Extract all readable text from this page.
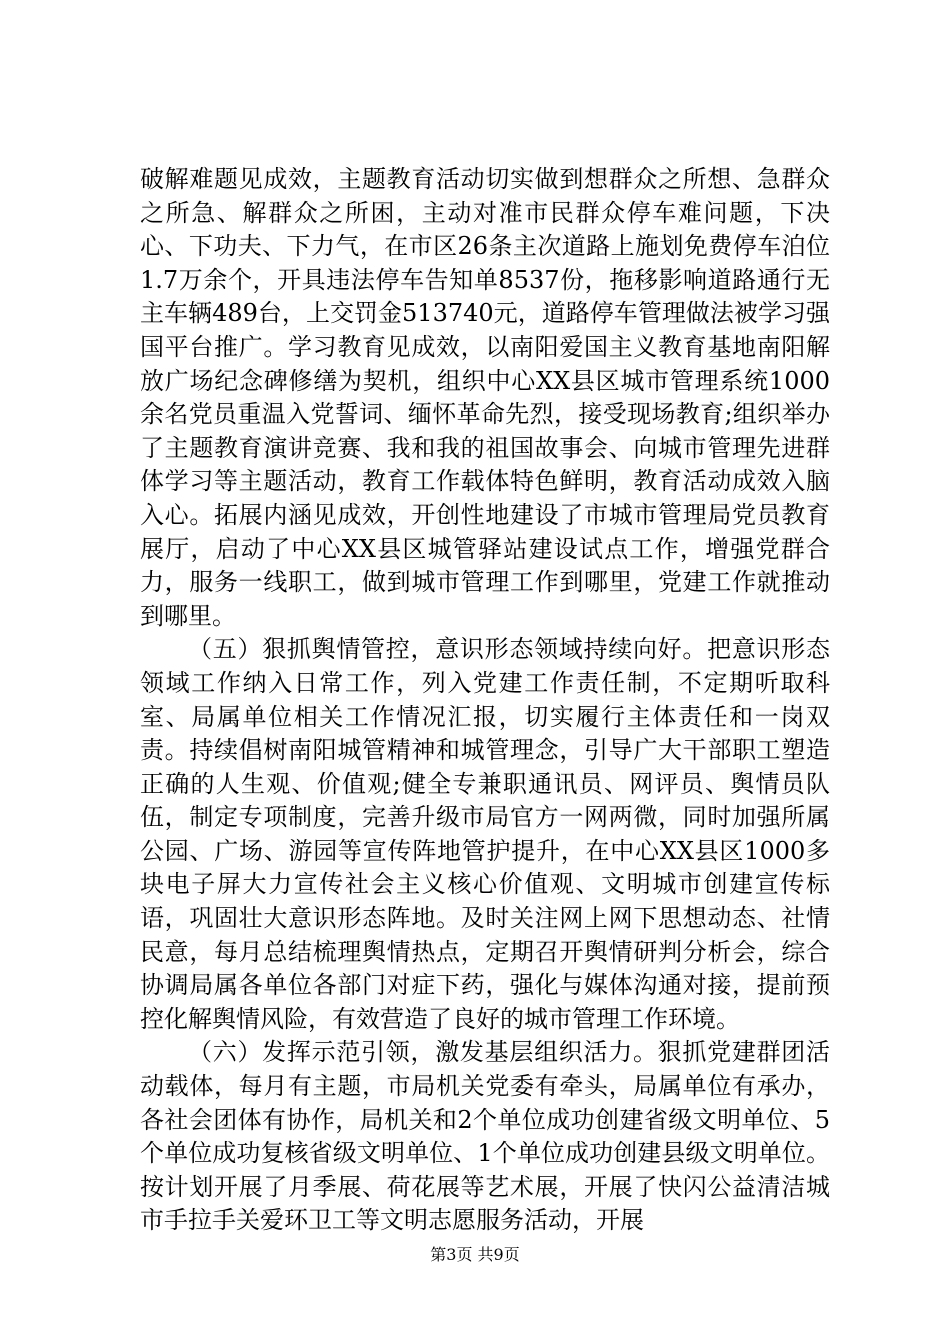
破解难题见成效，主题教育活动切实做到想群众之所想、急群众之所急、解群众之所困，主动对准市民群众停车难问题，下决心、下功夫、下力气，在市区26条主次道路上施划免费停车泊位1.7万余个，开具违法停车告知单8537份，拖移影响道路通行无主车辆489台，上交罚金513740元，道路停车管理做法被学习强国平台推广。学习教育见成效，以南阳爱国主义教育基地南阳解放广场纪念碑修缮为契机，组织中心XX县区城市管理系统1000余名党员重温入党誓词、缅怀革命先烈，接受现场教育;组织举办了主题教育演讲竞赛、我和我的祖国故事会、向城市管理先进群体学习等主题活动，教育工作载体特色鲜明，教育活动成效入脑入心。拓展内涵见成效，开创性地建设了市城市管理局党员教育展厅，启动了中心XX县区城管驿站建设试点工作，增强党群合力，服务一线职工，做到城市管理工作到哪里，党建工作就推动到哪里。

（五）狠抓舆情管控，意识形态领域持续向好。把意识形态领域工作纳入日常工作，列入党建工作责任制，不定期听取科室、局属单位相关工作情况汇报，切实履行主体责任和一岗双责。持续倡树南阳城管精神和城管理念，引导广大干部职工塑造正确的人生观、价值观;健全专兼职通讯员、网评员、舆情员队伍，制定专项制度，完善升级市局官方一网两微，同时加强所属公园、广场、游园等宣传阵地管护提升，在中心XX县区1000多块电子屏大力宣传社会主义核心价值观、文明城市创建宣传标语，巩固壮大意识形态阵地。及时关注网上网下思想动态、社情民意，每月总结梳理舆情热点，定期召开舆情研判分析会，综合协调局属各单位各部门对症下药，强化与媒体沟通对接，提前预控化解舆情风险，有效营造了良好的城市管理工作环境。

（六）发挥示范引领，激发基层组织活力。狠抓党建群团活动载体，每月有主题，市局机关党委有牵头，局属单位有承办，各社会团体有协作，局机关和2个单位成功创建省级文明单位、5个单位成功复核省级文明单位、1个单位成功创建县级文明单位。按计划开展了月季展、荷花展等艺术展，开展了快闪公益清洁城市手拉手关爱环卫工等文明志愿服务活动，开展

第3页 共9页
